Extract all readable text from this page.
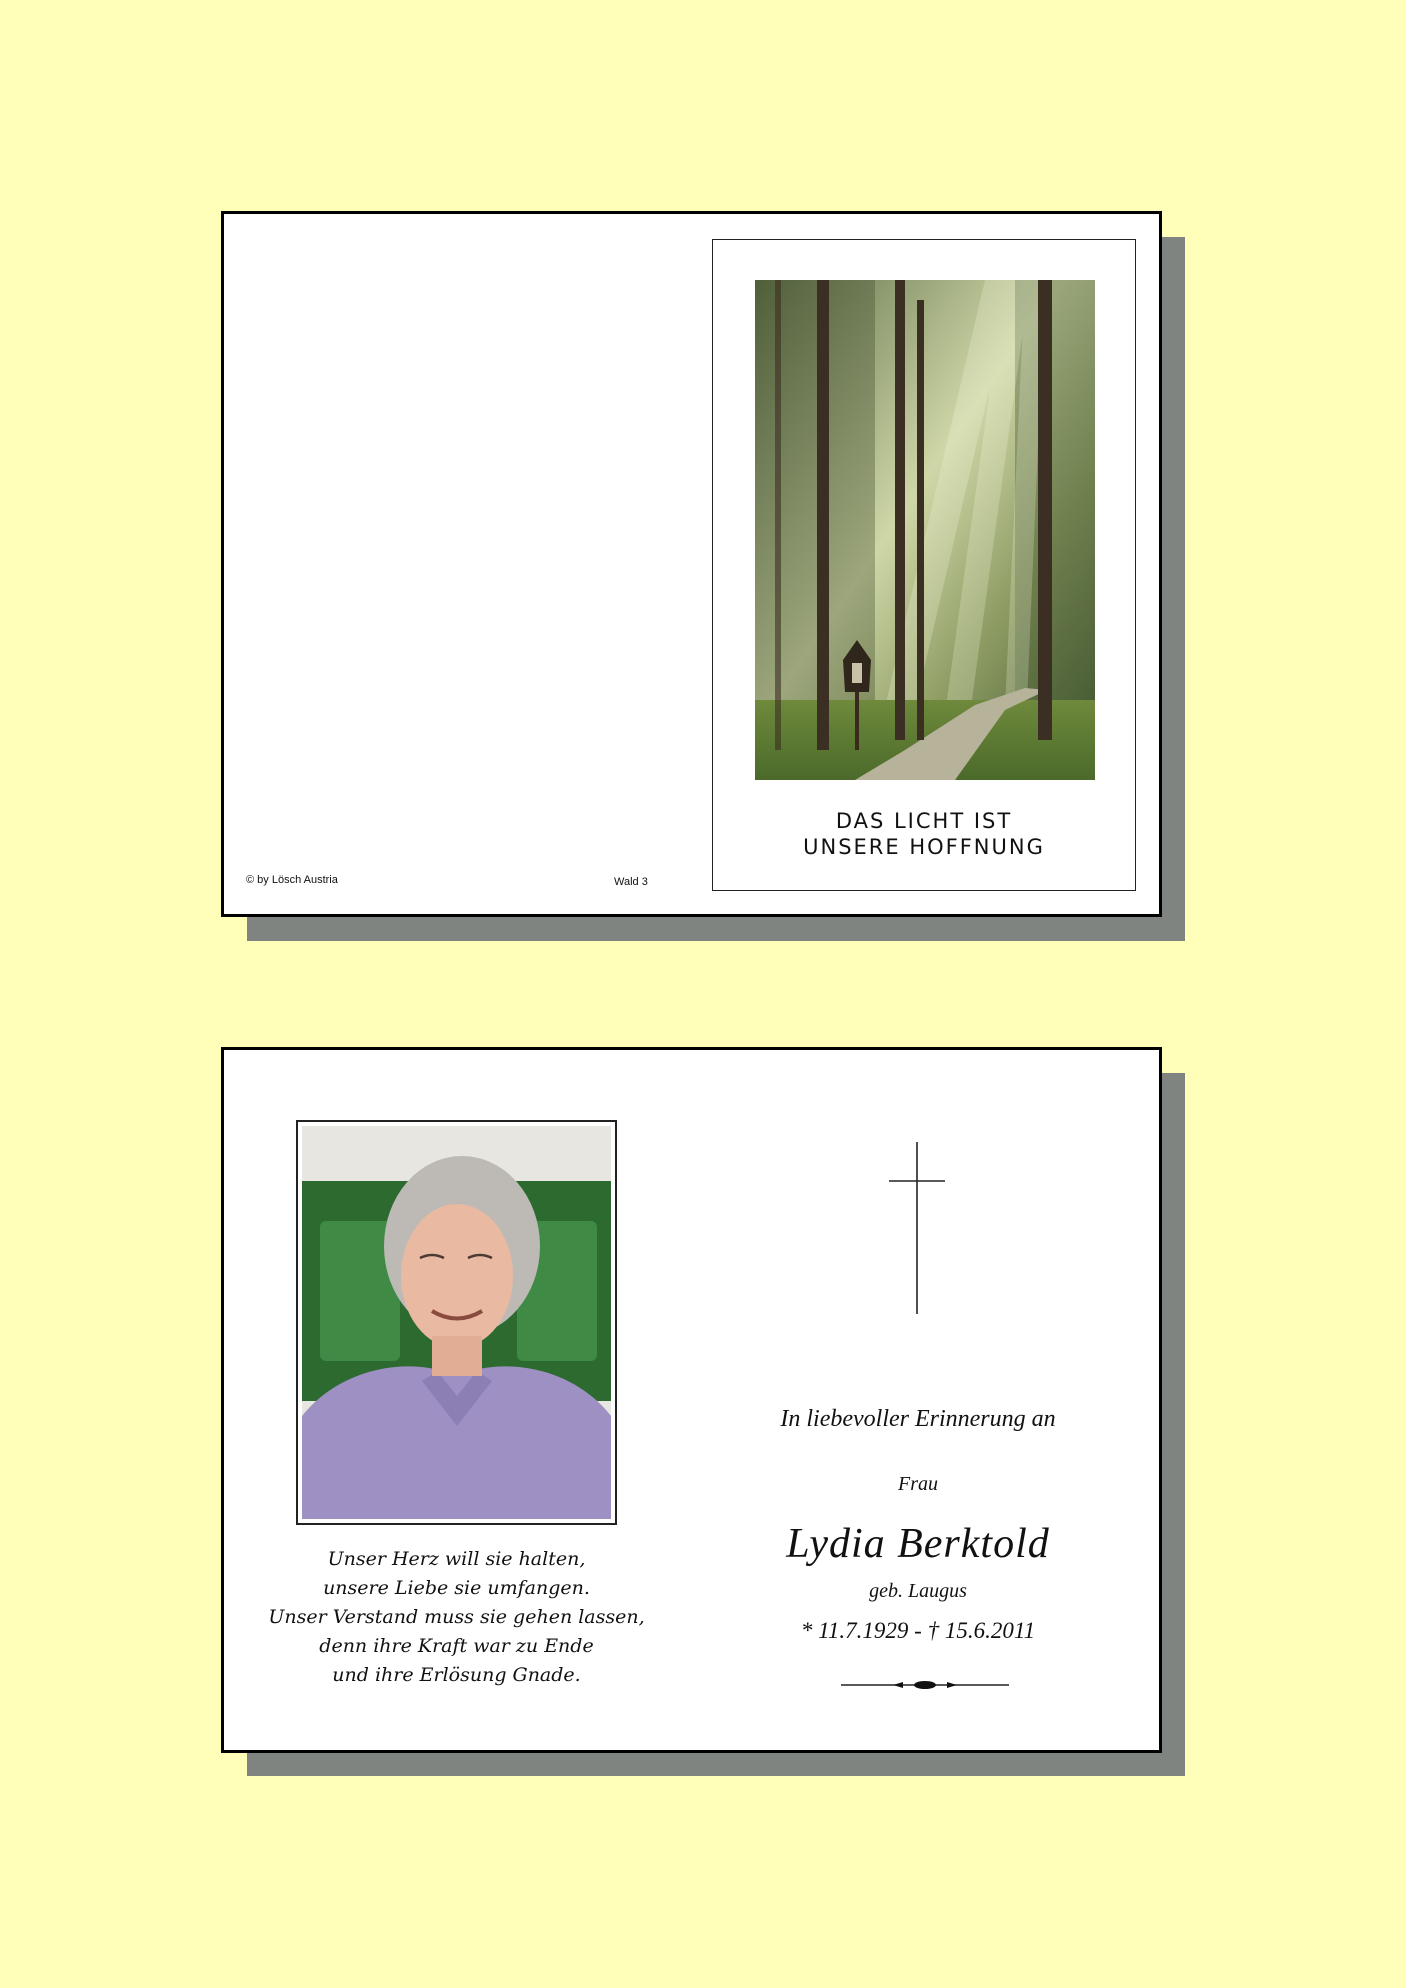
© by Lösch Austria	Wald 3
DAS LICHT IST
UNSERE HOFFNUNG
Unser Herz will sie halten,
unsere Liebe sie umfangen.
Unser Verstand muss sie gehen lassen,
denn ihre Kraft war zu Ende
und ihre Erlösung Gnade.
In liebevoller Erinnerung an
Frau
Lydia Berktold
geb. Laugus
* 11.7.1929 - † 15.6.2011
